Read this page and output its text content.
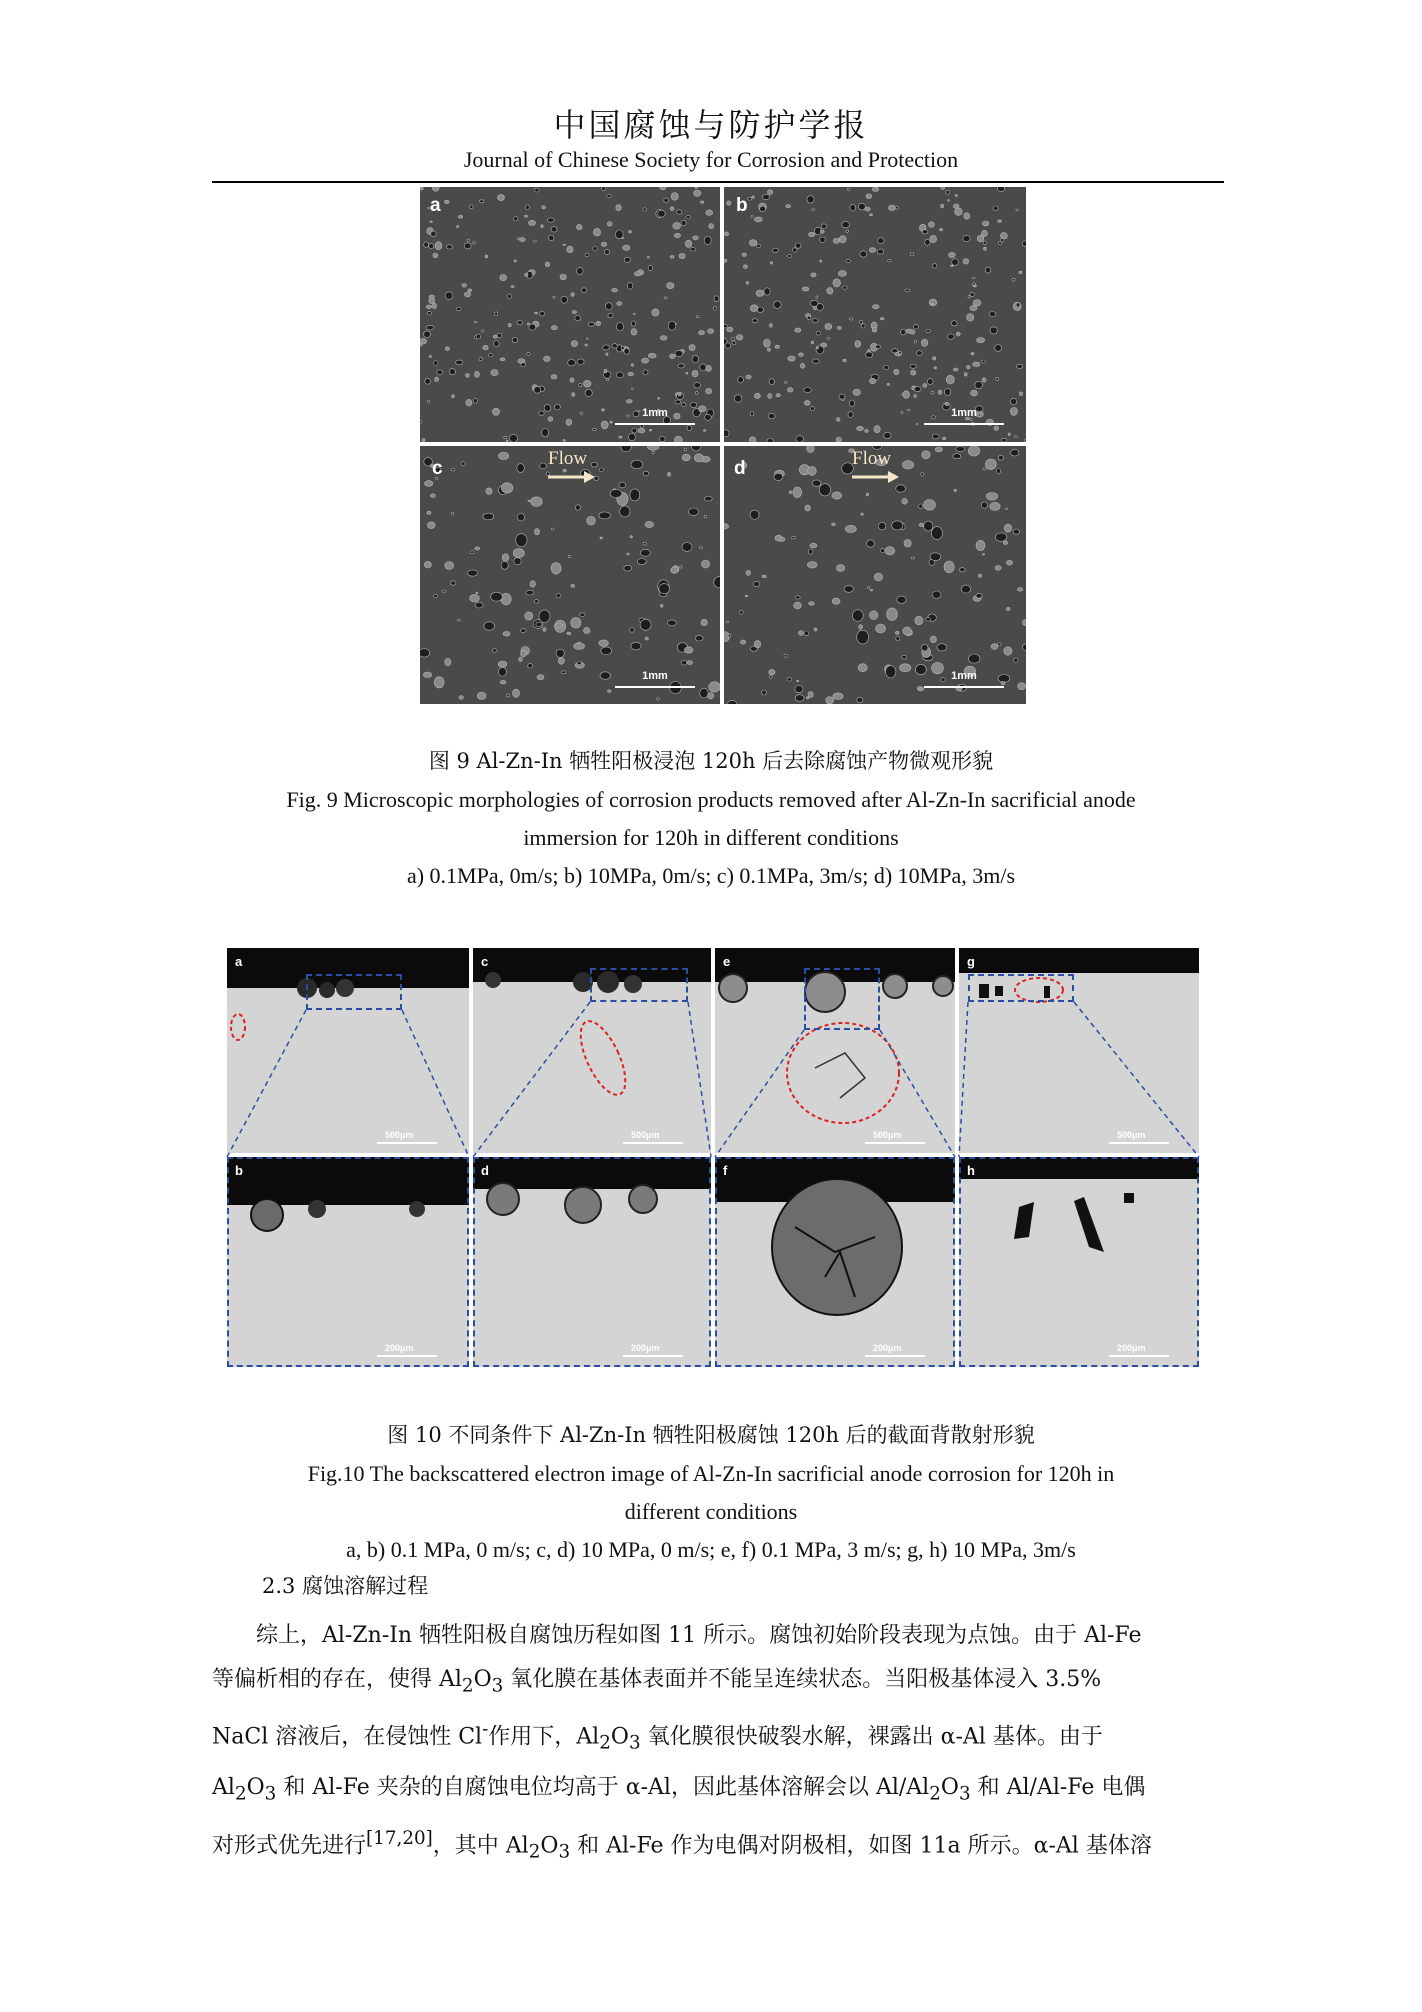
中国腐蚀与防护学报
Journal of Chinese Society for Corrosion and Protection
a
1mm
b
1mm
c	Flow
1mm
d	Flow
1mm
图 9 Al-Zn-In 牺牲阳极浸泡 120h 后去除腐蚀产物微观形貌
Fig. 9 Microscopic morphologies of corrosion products removed after Al-Zn-In sacrificial anode
immersion for 120h in different conditions
a) 0.1MPa, 0m/s; b) 10MPa, 0m/s; c) 0.1MPa, 3m/s; d) 10MPa, 3m/s
a
500μm
c
500μm
e
500μm
g
500μm
b
200μm
d
200μm
f
200μm
h
200μm
图 10 不同条件下 Al-Zn-In 牺牲阳极腐蚀 120h 后的截面背散射形貌
Fig.10 The backscattered electron image of Al-Zn-In sacrificial anode corrosion for 120h in
different conditions
a, b) 0.1 MPa, 0 m/s; c, d) 10 MPa, 0 m/s; e, f) 0.1 MPa, 3 m/s; g, h) 10 MPa, 3m/s
2.3 腐蚀溶解过程
综上，Al-Zn-In 牺牲阳极自腐蚀历程如图 11 所示。腐蚀初始阶段表现为点蚀。由于 Al-Fe
等偏析相的存在，使得 $Al_2O_3$ 氧化膜在基体表面并不能呈连续状态。当阳极基体浸入 3.5%
NaCl 溶液后，在侵蚀性 Cl-作用下，$Al_2O_3$ 氧化膜很快破裂水解，裸露出 α-Al 基体。由于
$Al_2O_3$ 和 Al-Fe 夹杂的自腐蚀电位均高于 α-Al，因此基体溶解会以 $Al/Al_2O_3$ 和 Al/Al-Fe 电偶
对形式优先进行[17,20]，其中 $Al_2O_3$ 和 Al-Fe 作为电偶对阴极相，如图 11a 所示。α-Al 基体溶
